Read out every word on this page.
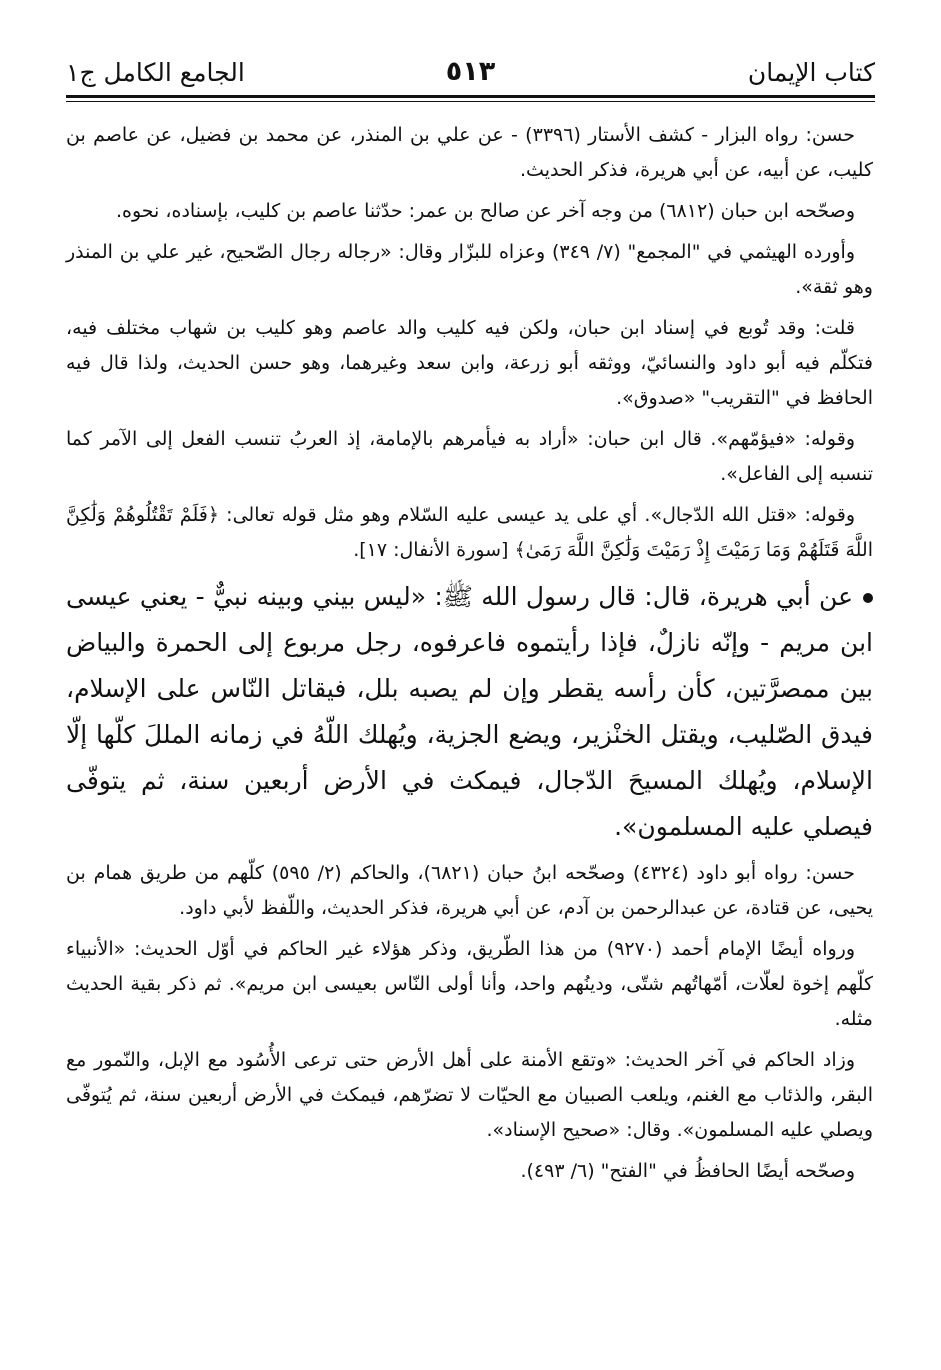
كتاب الإيمان
٥١٣
الجامع الكامل ج١

حسن: رواه البزار - كشف الأستار (٣٣٩٦) - عن علي بن المنذر، عن محمد بن فضيل، عن عاصم بن كليب، عن أبيه، عن أبي هريرة، فذكر الحديث.

وصحّحه ابن حبان (٦٨١٢) من وجه آخر عن صالح بن عمر: حدّثنا عاصم بن كليب، بإسناده، نحوه.

وأورده الهيثمي في "المجمع" (٧/ ٣٤٩) وعزاه للبزّار وقال: «رجاله رجال الصّحيح، غير علي بن المنذر وهو ثقة».

قلت: وقد تُوبع في إسناد ابن حبان، ولكن فيه كليب والد عاصم وهو كليب بن شهاب مختلف فيه، فتكلّم فيه أبو داود والنسائيّ، ووثقه أبو زرعة، وابن سعد وغيرهما، وهو حسن الحديث، ولذا قال فيه الحافظ في "التقريب" «صدوق».

وقوله: «فيؤمّهم». قال ابن حبان: «أراد به فيأمرهم بالإمامة، إذ العربُ تنسب الفعل إلى الآمر كما تنسبه إلى الفاعل».

وقوله: «قتل الله الدّجال». أي على يد عيسى عليه السّلام وهو مثل قوله تعالى: ﴿فَلَمْ تَقْتُلُوهُمْ وَلَٰكِنَّ اللَّهَ قَتَلَهُمْ وَمَا رَمَيْتَ إِذْ رَمَيْتَ وَلَٰكِنَّ اللَّهَ رَمَىٰ﴾ [سورة الأنفال: ١٧].

عن أبي هريرة، قال: قال رسول الله ﷺ: «ليس بيني وبينه نبيٌّ - يعني عيسى ابن مريم - وإنّه نازلٌ، فإذا رأيتموه فاعرفوه، رجل مربوع إلى الحمرة والبياض بين ممصرَّتين، كأن رأسه يقطر وإن لم يصبه بلل، فيقاتل النّاس على الإسلام، فيدق الصّليب، ويقتل الخنْزير، ويضع الجزية، ويُهلك اللّهُ في زمانه المللَ كلّها إلّا الإسلام، ويُهلك المسيحَ الدّجال، فيمكث في الأرض أربعين سنة، ثم يتوفّى فيصلي عليه المسلمون».

حسن: رواه أبو داود (٤٣٢٤) وصحّحه ابنُ حبان (٦٨٢١)، والحاكم (٢/ ٥٩٥) كلّهم من طريق همام بن يحيى، عن قتادة، عن عبدالرحمن بن آدم، عن أبي هريرة، فذكر الحديث، واللّفظ لأبي داود.

ورواه أيضًا الإمام أحمد (٩٢٧٠) من هذا الطّريق، وذكر هؤلاء غير الحاكم في أوّل الحديث: «الأنبياء كلّهم إخوة لعلّات، أمّهاتُهم شتّى، ودينُهم واحد، وأنا أولى النّاس بعيسى ابن مريم». ثم ذكر بقية الحديث مثله.

وزاد الحاكم في آخر الحديث: «وتقع الأمنة على أهل الأرض حتى ترعى الأُسُود مع الإبل، والنّمور مع البقر، والذئاب مع الغنم، ويلعب الصبيان مع الحيّات لا تضرّهم، فيمكث في الأرض أربعين سنة، ثم يُتوفّى ويصلي عليه المسلمون». وقال: «صحيح الإسناد».

وصحّحه أيضًا الحافظُ في "الفتح" (٦/ ٤٩٣).
